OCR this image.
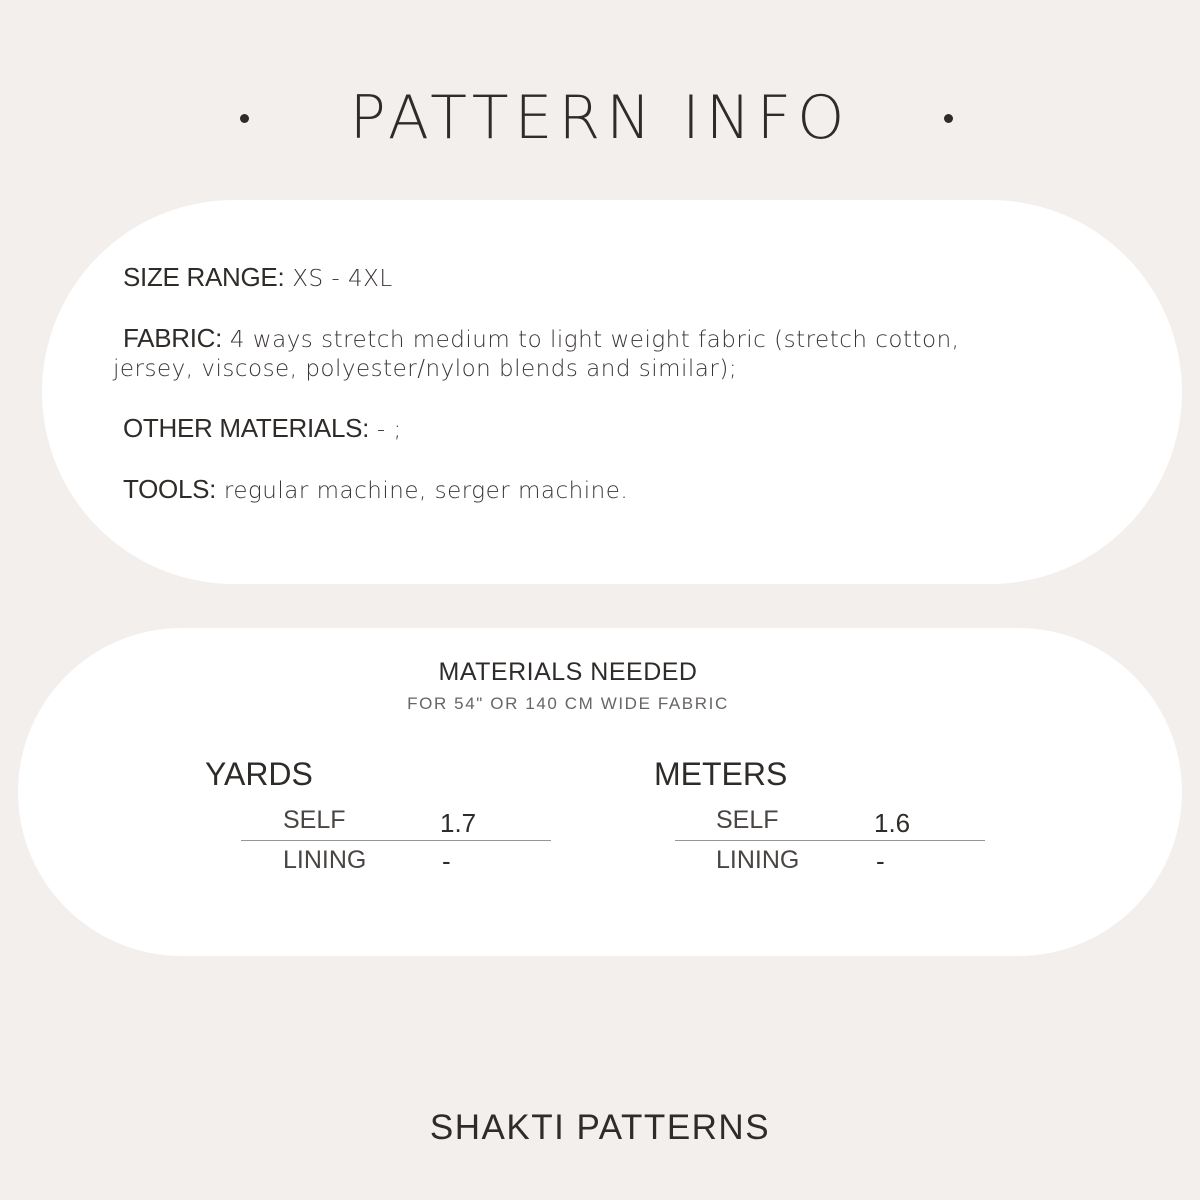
PATTERN INFO
SIZE RANGE: XS - 4XL
FABRIC: 4 ways stretch medium to light weight fabric (stretch cotton,
jersey, viscose, polyester/nylon blends and similar);
OTHER MATERIALS: - ;
TOOLS: regular machine, serger machine.
MATERIALS NEEDED
FOR 54" OR 140 CM WIDE FABRIC
YARDS
SELF	1.7
LINING	-
METERS
SELF	1.6
LINING	-
SHAKTI PATTERNS
